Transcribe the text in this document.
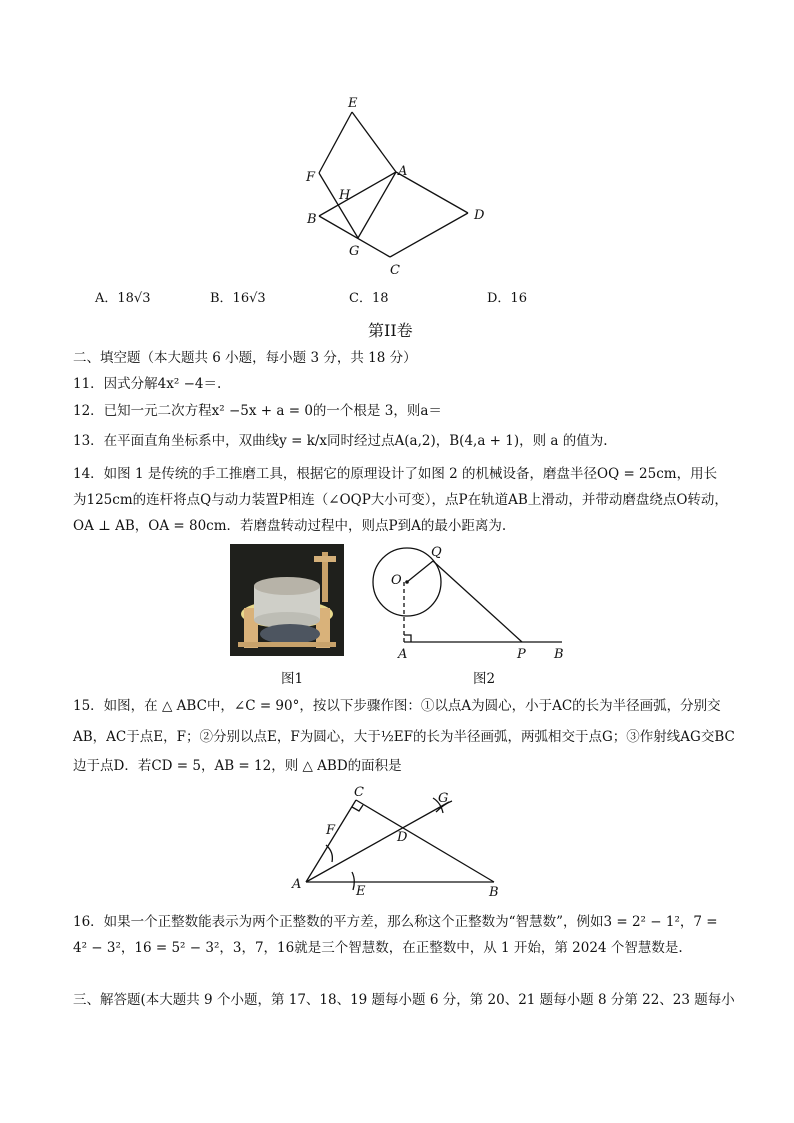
E
F	A
H
B	D
G
C
A．18√3	B．16√3	C．18	D．16
第II卷
二、填空题（本大题共 6 小题，每小题 3 分，共 18 分）
11．因式分解4x² −4＝.
12．已知一元二次方程x² −5x + a = 0的一个根是 3，则a＝
13．在平面直角坐标系中，双曲线y = k/x同时经过点A(a,2)，B(4,a + 1)，则 a 的值为.
14．如图 1 是传统的手工推磨工具，根据它的原理设计了如图 2 的机械设备，磨盘半径OQ = 25cm，用长
为125cm的连杆将点Q与动力装置P相连（∠OQP大小可变），点P在轨道AB上滑动，并带动磨盘绕点O转动，
OA ⊥ AB，OA = 80cm．若磨盘转动过程中，则点P到A的最小距离为.
图1
Q
O
A	P B
图2
15．如图，在 △ ABC中，∠C = 90°，按以下步骤作图：①以点A为圆心，小于AC的长为半径画弧，分别交
AB，AC于点E，F；②分别以点E，F为圆心，大于½EF的长为半径画弧，两弧相交于点G；③作射线AG交BC
边于点D．若CD = 5，AB = 12，则 △ ABD的面积是
C	G
F	D
A	E	B
16．如果一个正整数能表示为两个正整数的平方差，那么称这个正整数为“智慧数”，例如3 = 2² − 1²，7 =
4² − 3²，16 = 5² − 3²，3，7，16就是三个智慧数，在正整数中，从 1 开始，第 2024 个智慧数是.
三、解答题(本大题共 9 个小题，第 17、18、19 题每小题 6 分，第 20、21 题每小题 8 分第 22、23 题每小
